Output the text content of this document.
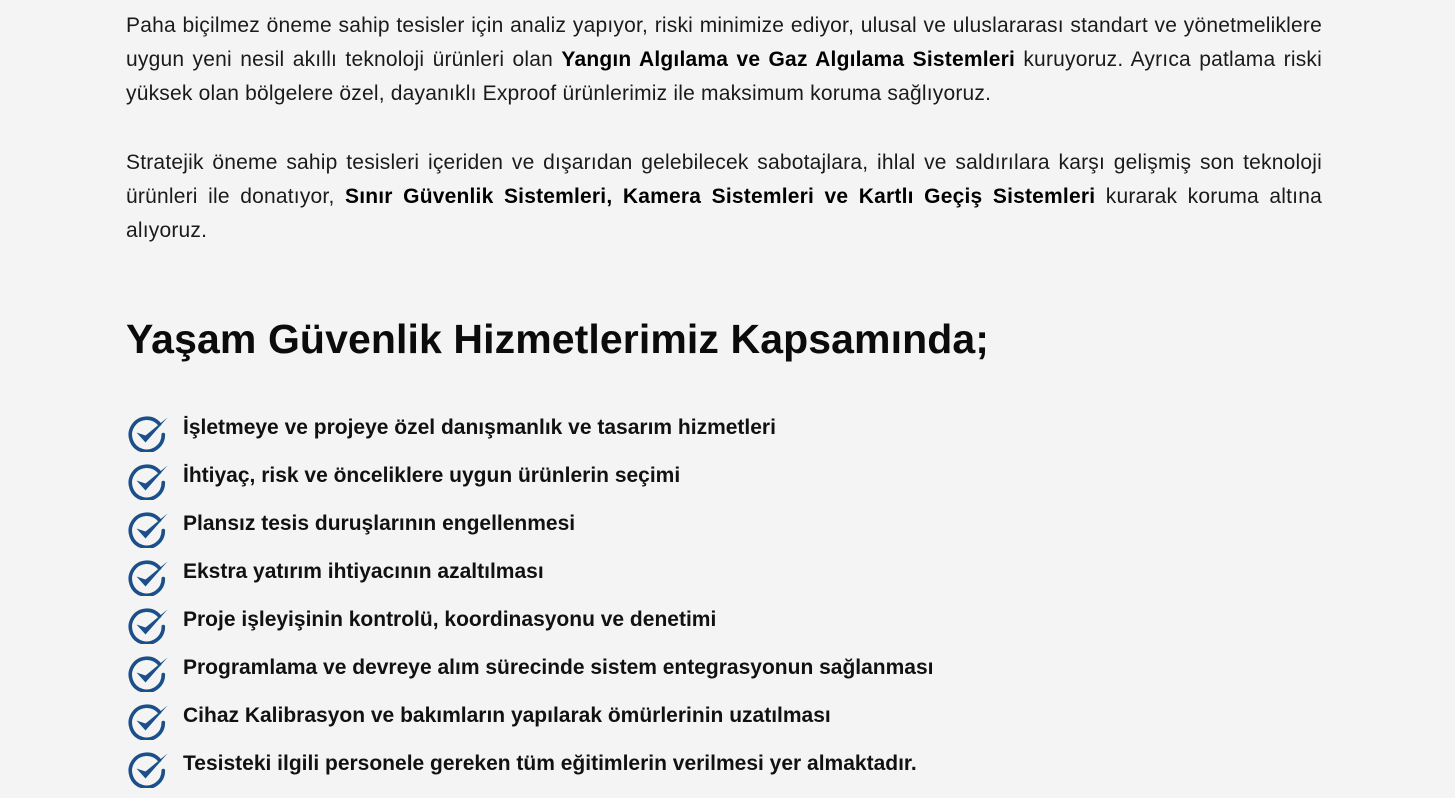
Paha biçilmez öneme sahip tesisler için analiz yapıyor, riski minimize ediyor, ulusal ve uluslararası standart ve yönetmeliklere uygun yeni nesil akıllı teknoloji ürünleri olan Yangın Algılama ve Gaz Algılama Sistemleri kuruyoruz. Ayrıca patlama riski yüksek olan bölgelere özel, dayanıklı Exproof ürünlerimiz ile maksimum koruma sağlıyoruz.

Stratejik öneme sahip tesisleri içeriden ve dışarıdan gelebilecek sabotajlara, ihlal ve saldırılara karşı gelişmiş son teknoloji ürünleri ile donatıyor, Sınır Güvenlik Sistemleri, Kamera Sistemleri ve Kartlı Geçiş Sistemleri kurarak koruma altına alıyoruz.

Yaşam Güvenlik Hizmetlerimiz Kapsamında;
İşletmeye ve projeye özel danışmanlık ve tasarım hizmetleri
İhtiyaç, risk ve önceliklere uygun ürünlerin seçimi
Plansız tesis duruşlarının engellenmesi
Ekstra yatırım ihtiyacının azaltılması
Proje işleyişinin kontrolü, koordinasyonu ve denetimi
Programlama ve devreye alım sürecinde sistem entegrasyonun sağlanması
Cihaz Kalibrasyon ve bakımların yapılarak ömürlerinin uzatılması
Tesisteki ilgili personele gereken tüm eğitimlerin verilmesi yer almaktadır.
